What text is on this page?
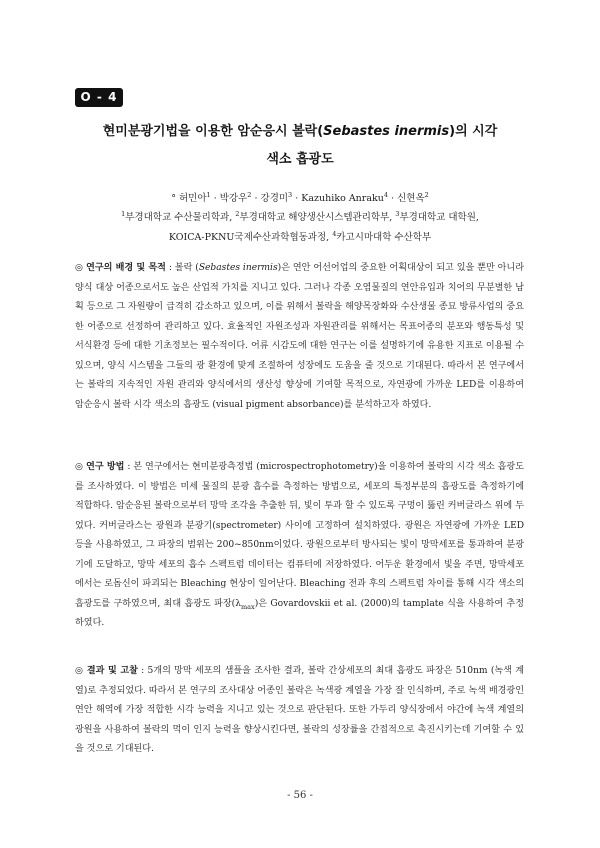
O - 4
현미분광기법을 이용한 암순응시 볼락(Sebastes inermis)의 시각
색소 흡광도
° 허민아$^1$ · 박강우$^2$ · 강경미$^3$ · Kazuhiko Anraku$^4$ · 신현옥$^2$
$^1$부경대학교 수산물리학과, $^2$부경대학교 해양생산시스템관리학부, $^3$부경대학교 대학원,
KOICA-PKNU국제수산과학협동과정, $^4$카고시마대학 수산학부
◎ 연구의 배경 및 목적 : 볼락 (Sebastes inermis)은 연안 어선어업의 중요한 어획대상이 되고 있을 뿐만 아니라 양식 대상 어종으로서도 높은 산업적 가치를 지니고 있다. 그러나 각종 오염물질의 연안유입과 치어의 무분별한 남획 등으로 그 자원량이 급격히 감소하고 있으며, 이를 위해서 볼락을 해양목장화와 수산생물 종묘 방류사업의 중요한 어종으로 선정하여 관리하고 있다. 효율적인 자원조성과 자원관리를 위해서는 목표어종의 분포와 행동특성 및 서식환경 등에 대한 기초정보는 필수적이다. 어류 시감도에 대한 연구는 이를 설명하기에 유용한 지표로 이용될 수 있으며, 양식 시스템을 그들의 광 환경에 맞게 조절하여 성장에도 도움을 줄 것으로 기대된다. 따라서 본 연구에서는 볼락의 지속적인 자원 관리와 양식에서의 생산성 향상에 기여할 목적으로, 자연광에 가까운 LED를 이용하여 암순응시 볼락 시각 색소의 흡광도 (visual pigment absorbance)를 분석하고자 하였다.
◎ 연구 방법 : 본 연구에서는 현미분광측정법 (microspectrophotometry)을 이용하여 볼락의 시각 색소 흡광도를 조사하였다. 이 방법은 미세 물질의 분광 흡수를 측정하는 방법으로, 세포의 특정부분의 흡광도를 측정하기에 적합하다. 암순응된 볼락으로부터 망막 조각을 추출한 뒤, 빛이 투과 할 수 있도록 구멍이 뚫린 커버글라스 위에 두었다. 커버글라스는 광원과 분광기(spectrometer) 사이에 고정하여 설치하였다. 광원은 자연광에 가까운 LED 등을 사용하였고, 그 파장의 범위는 200~850nm이었다. 광원으로부터 방사되는 빛이 망막세포를 통과하여 분광기에 도달하고, 망막 세포의 흡수 스펙트럼 데이터는 컴퓨터에 저장하였다. 어두운 환경에서 빛을 주면, 망막세포에서는 로돕신이 파괴되는 Bleaching 현상이 일어난다. Bleaching 전과 후의 스펙트럼 차이를 통해 시각 색소의 흡광도를 구하였으며, 최대 흡광도 파장$(\lambda_{max})$은 Govardovskii et al. (2000)의 tamplate 식을 사용하여 추정하였다.
◎ 결과 및 고찰 : 5개의 망막 세포의 샘플을 조사한 결과, 볼락 간상세포의 최대 흡광도 파장은 510nm (녹색 계열)로 추정되었다. 따라서 본 연구의 조사대상 어종인 볼락은 녹색광 계열을 가장 잘 인식하며, 주로 녹색 배경광인 연안 해역에 가장 적합한 시각 능력을 지니고 있는 것으로 판단된다. 또한 가두리 양식장에서 야간에 녹색 계열의 광원을 사용하여 볼락의 먹이 인지 능력을 향상시킨다면, 볼락의 성장률을 간접적으로 촉진시키는데 기여할 수 있을 것으로 기대된다.
- 56 -
